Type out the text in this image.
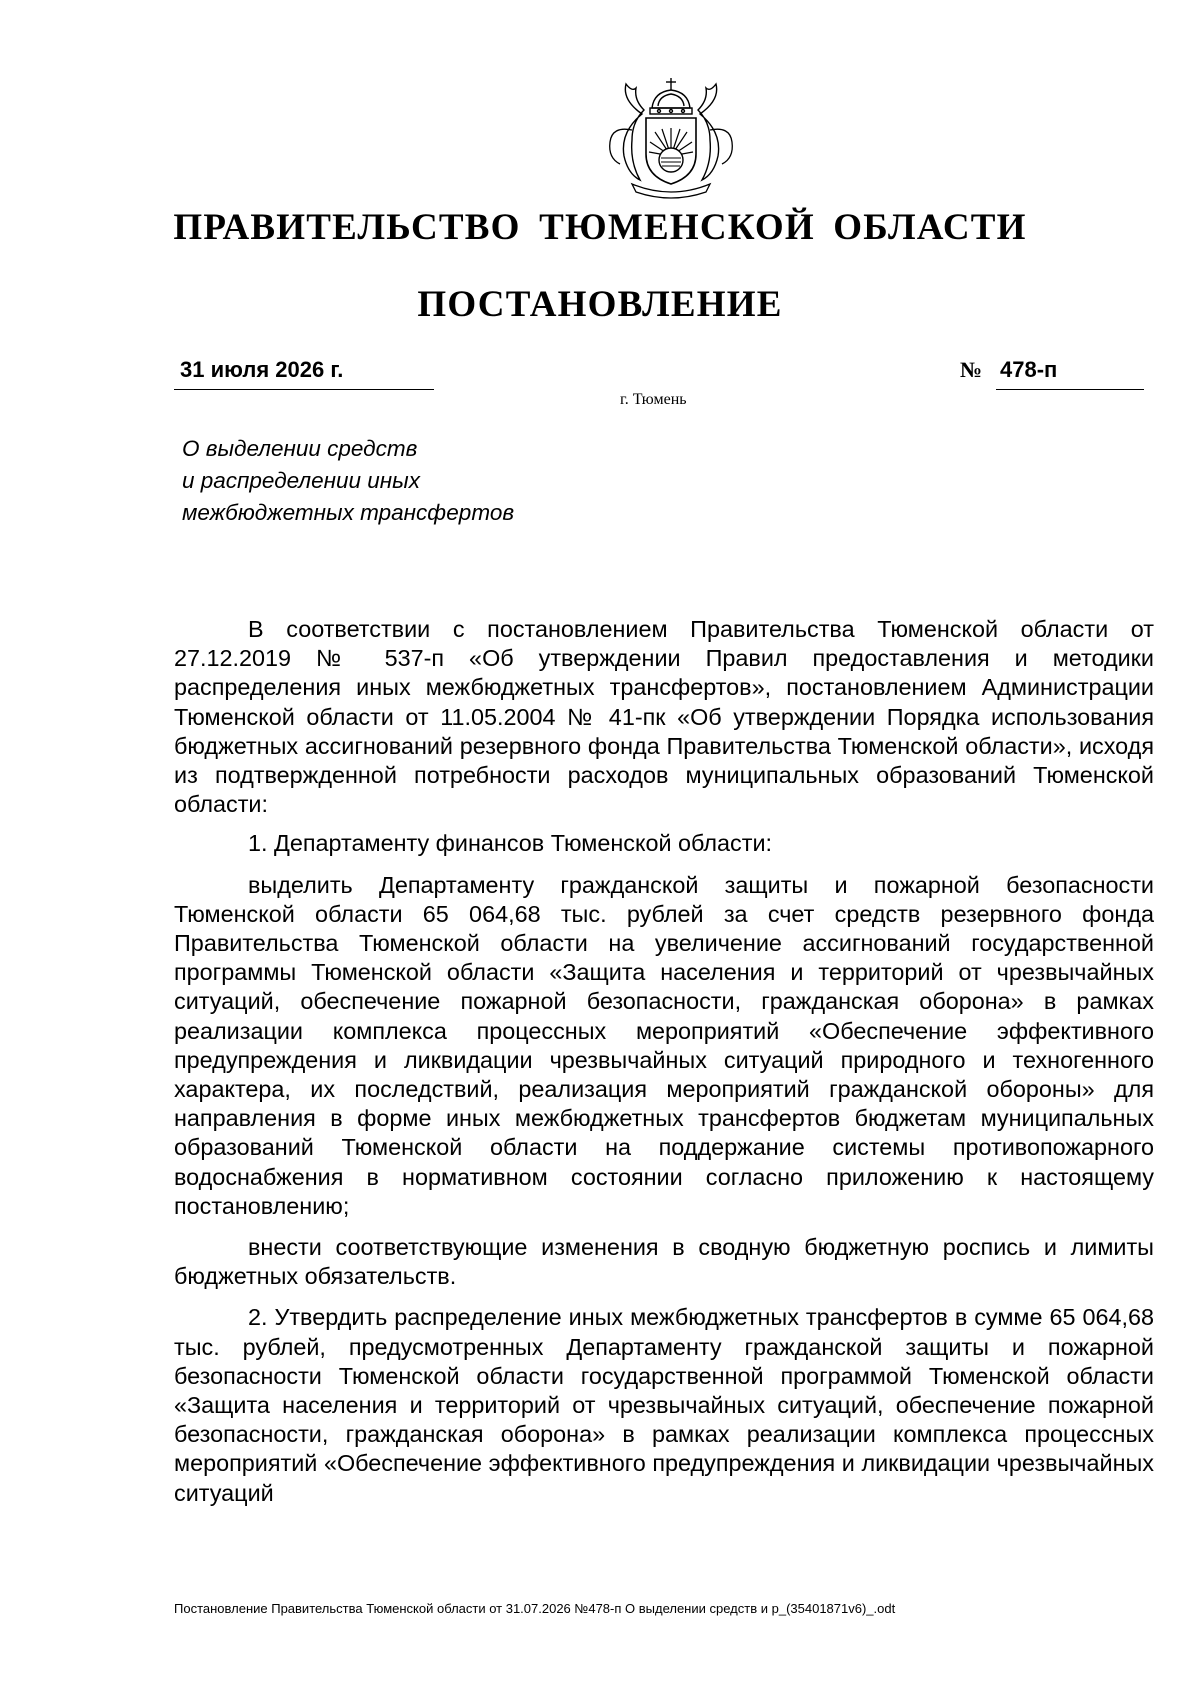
ПРАВИТЕЛЬСТВО ТЮМЕНСКОЙ ОБЛАСТИ
ПОСТАНОВЛЕНИЕ
31 июля 2026 г.	№ 478-п
г. Тюмень
О выделении средств
и распределении иных
межбюджетных трансфертов

В соответствии с постановлением Правительства Тюменской области от 27.12.2019 № 537-п «Об утверждении Правил предоставления и методики распределения иных межбюджетных трансфертов», постановлением Администрации Тюменской области от 11.05.2004 № 41-пк «Об утверждении Порядка использования бюджетных ассигнований резервного фонда Правительства Тюменской области», исходя из подтвержденной потребности расходов муниципальных образований Тюменской области:

1. Департаменту финансов Тюменской области:

выделить Департаменту гражданской защиты и пожарной безопасности Тюменской области 65 064,68 тыс. рублей за счет средств резервного фонда Правительства Тюменской области на увеличение ассигнований государственной программы Тюменской области «Защита населения и территорий от чрезвычайных ситуаций, обеспечение пожарной безопасности, гражданская оборона» в рамках реализации комплекса процессных мероприятий «Обеспечение эффективного предупреждения и ликвидации чрезвычайных ситуаций природного и техногенного характера, их последствий, реализация мероприятий гражданской обороны» для направления в форме иных межбюджетных трансфертов бюджетам муниципальных образований Тюменской области на поддержание системы противопожарного водоснабжения в нормативном состоянии согласно приложению к настоящему постановлению;

внести соответствующие изменения в сводную бюджетную роспись и лимиты бюджетных обязательств.

2. Утвердить распределение иных межбюджетных трансфертов в сумме 65 064,68 тыс. рублей, предусмотренных Департаменту гражданской защиты и пожарной безопасности Тюменской области государственной программой Тюменской области «Защита населения и территорий от чрезвычайных ситуаций, обеспечение пожарной безопасности, гражданская оборона» в рамках реализации комплекса процессных мероприятий «Обеспечение эффективного предупреждения и ликвидации чрезвычайных ситуаций

Постановление Правительства Тюменской области от 31.07.2026 №478-п О выделении средств и р_(35401871v6)_.odt
